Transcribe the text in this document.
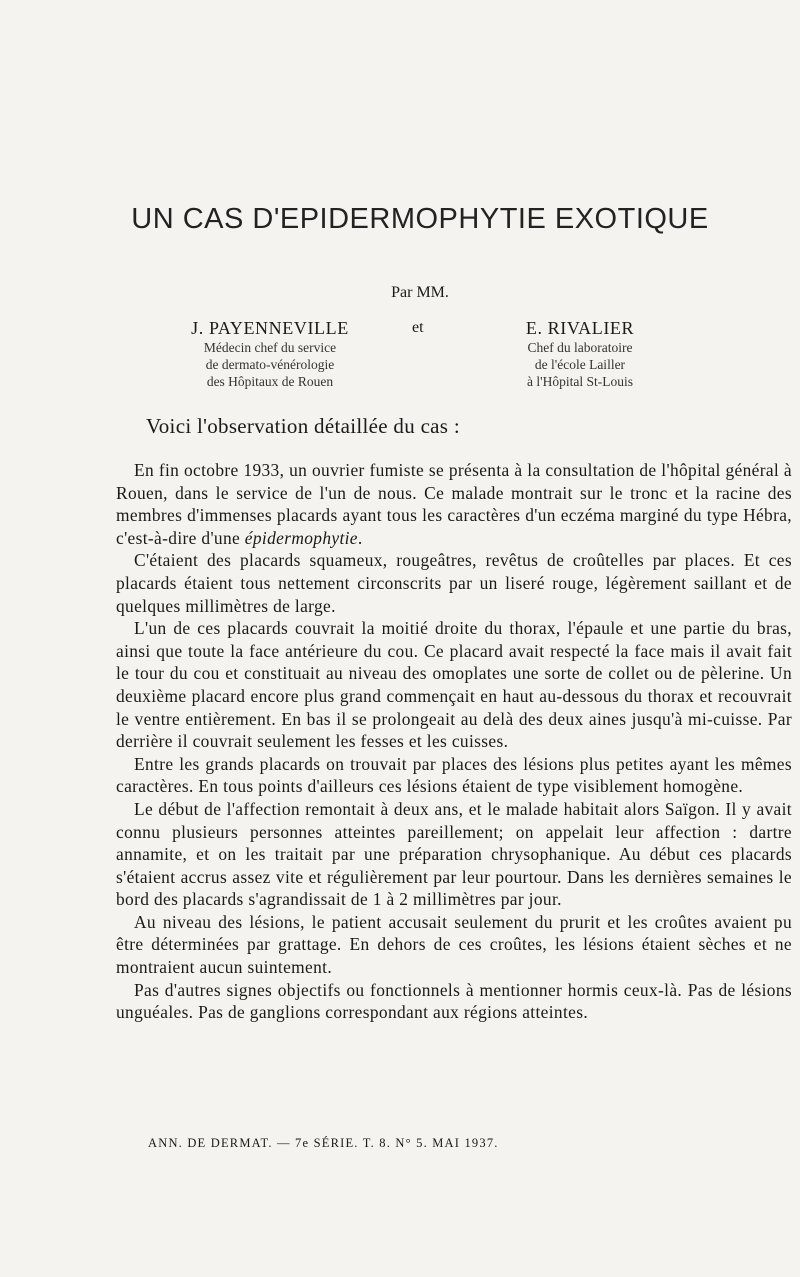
UN CAS D'EPIDERMOPHYTIE EXOTIQUE
Par MM.
J. PAYENNEVILLE
Médecin chef du service
de dermato-vénérologie
des Hôpitaux de Rouen
et	E. RIVALIER
Chef du laboratoire
de l'école Lailler
à l'Hôpital St-Louis
Voici l'observation détaillée du cas :

En fin octobre 1933, un ouvrier fumiste se présenta à la consultation de l'hôpital général à Rouen, dans le service de l'un de nous. Ce malade montrait sur le tronc et la racine des membres d'immenses placards ayant tous les caractères d'un eczéma marginé du type Hébra, c'est-à-dire d'une épidermophytie.

C'étaient des placards squameux, rougeâtres, revêtus de croûtelles par places. Et ces placards étaient tous nettement circonscrits par un liseré rouge, légèrement saillant et de quelques millimètres de large.

L'un de ces placards couvrait la moitié droite du thorax, l'épaule et une partie du bras, ainsi que toute la face antérieure du cou. Ce placard avait respecté la face mais il avait fait le tour du cou et constituait au niveau des omoplates une sorte de collet ou de pèlerine. Un deuxième placard encore plus grand commençait en haut au-dessous du thorax et recouvrait le ventre entièrement. En bas il se prolongeait au delà des deux aines jusqu'à mi-cuisse. Par derrière il couvrait seulement les fesses et les cuisses.

Entre les grands placards on trouvait par places des lésions plus petites ayant les mêmes caractères. En tous points d'ailleurs ces lésions étaient de type visiblement homogène.

Le début de l'affection remontait à deux ans, et le malade habitait alors Saïgon. Il y avait connu plusieurs personnes atteintes pareillement; on appelait leur affection : dartre annamite, et on les traitait par une préparation chrysophanique. Au début ces placards s'étaient accrus assez vite et régulièrement par leur pourtour. Dans les dernières semaines le bord des placards s'agrandissait de 1 à 2 millimètres par jour.

Au niveau des lésions, le patient accusait seulement du prurit et les croûtes avaient pu être déterminées par grattage. En dehors de ces croûtes, les lésions étaient sèches et ne montraient aucun suintement.

Pas d'autres signes objectifs ou fonctionnels à mentionner hormis ceux-là. Pas de lésions unguéales. Pas de ganglions correspondant aux régions atteintes.

ANN. DE DERMAT. — 7e SÉRIE. T. 8. N° 5. MAI 1937.
